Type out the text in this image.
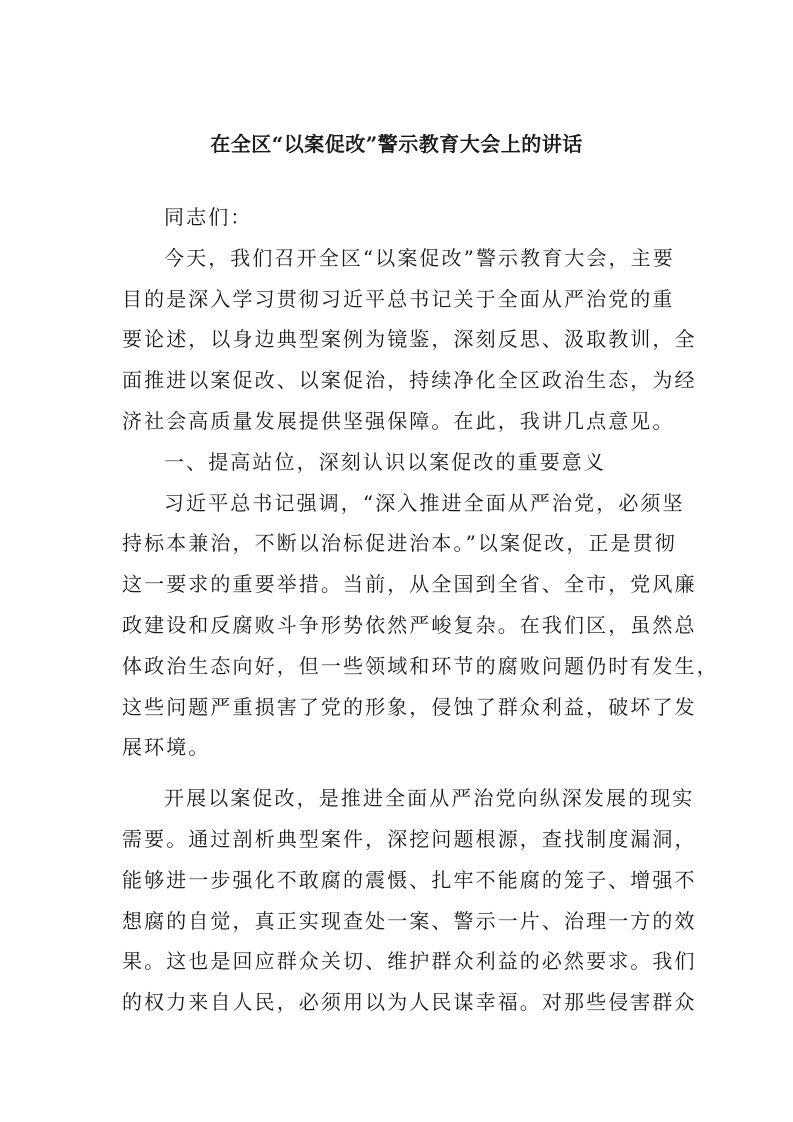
在全区“以案促改”警示教育大会上的讲话
同志们：
今天，我们召开全区“以案促改”警示教育大会，主要
目的是深入学习贯彻习近平总书记关于全面从严治党的重
要论述，以身边典型案例为镜鉴，深刻反思、汲取教训，全
面推进以案促改、以案促治，持续净化全区政治生态，为经
济社会高质量发展提供坚强保障。在此，我讲几点意见。
一、提高站位，深刻认识以案促改的重要意义
习近平总书记强调，“深入推进全面从严治党，必须坚
持标本兼治，不断以治标促进治本。”以案促改，正是贯彻
这一要求的重要举措。当前，从全国到全省、全市，党风廉
政建设和反腐败斗争形势依然严峻复杂。在我们区，虽然总
体政治生态向好，但一些领域和环节的腐败问题仍时有发生，
这些问题严重损害了党的形象，侵蚀了群众利益，破坏了发
展环境。
开展以案促改，是推进全面从严治党向纵深发展的现实
需要。通过剖析典型案件，深挖问题根源，查找制度漏洞，
能够进一步强化不敢腐的震慑、扎牢不能腐的笼子、增强不
想腐的自觉，真正实现查处一案、警示一片、治理一方的效
果。这也是回应群众关切、维护群众利益的必然要求。我们
的权力来自人民，必须用以为人民谋幸福。对那些侵害群众
